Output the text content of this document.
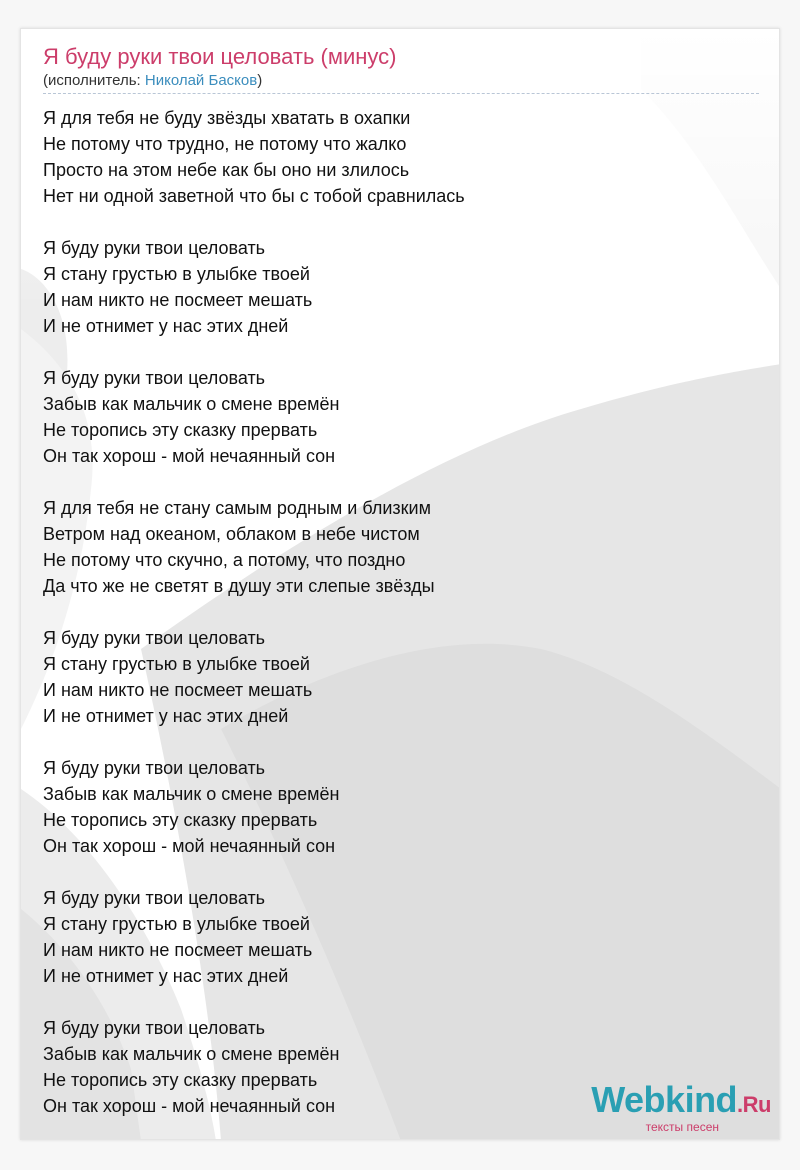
Я буду руки твои целовать (минус)
(исполнитель: Николай Басков)
Я для тебя не буду звёзды хватать в охапки
Не потому что трудно, не потому что жалко
Просто на этом небе как бы оно ни злилось
Нет ни одной заветной что бы с тобой сравнилась
Я буду руки твои целовать
Я стану грустью в улыбке твоей
И нам никто не посмеет мешать
И не отнимет у нас этих дней
Я буду руки твои целовать
Забыв как мальчик о смене времён
Не торопись эту сказку прервать
Он так хорош - мой нечаянный сон
Я для тебя не стану самым родным и близким
Ветром над океаном, облаком в небе чистом
Не потому что скучно, а потому, что поздно
Да что же не светят в душу эти слепые звёзды
Я буду руки твои целовать
Я стану грустью в улыбке твоей
И нам никто не посмеет мешать
И не отнимет у нас этих дней
Я буду руки твои целовать
Забыв как мальчик о смене времён
Не торопись эту сказку прервать
Он так хорош - мой нечаянный сон
Я буду руки твои целовать
Я стану грустью в улыбке твоей
И нам никто не посмеет мешать
И не отнимет у нас этих дней
Я буду руки твои целовать
Забыв как мальчик о смене времён
Не торопись эту сказку прервать
Он так хорош - мой нечаянный сон	Webkind.Ru
тексты песен
